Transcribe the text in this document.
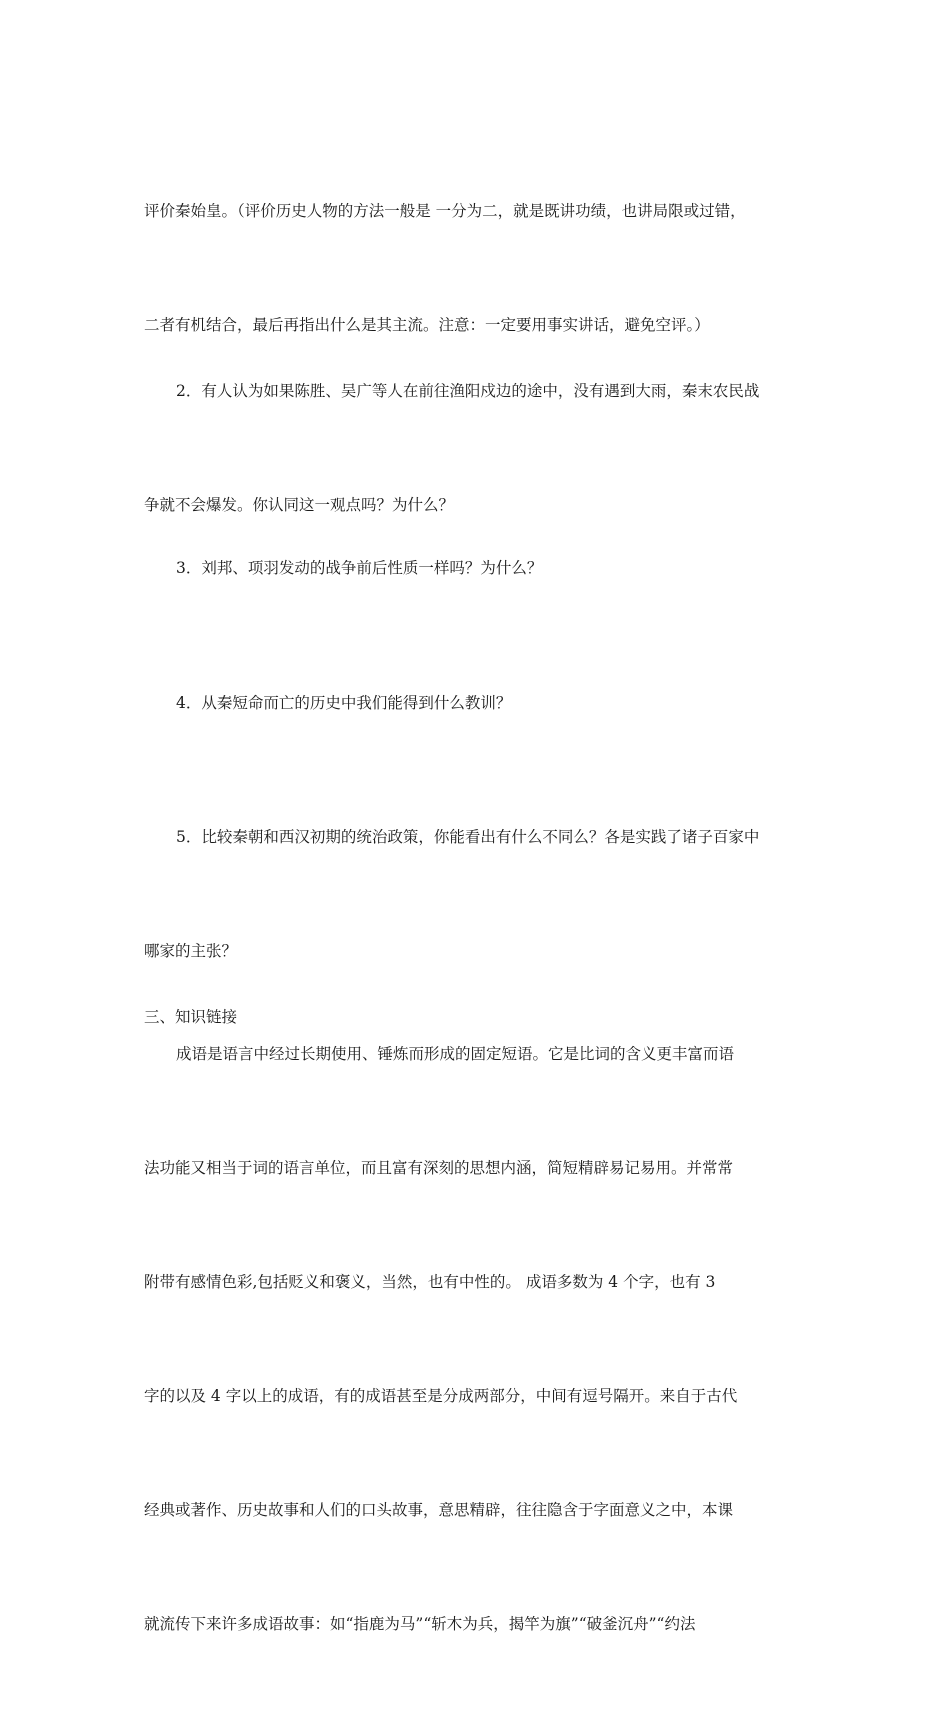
评价秦始皇。（评价历史人物的方法一般是 一分为二，就是既讲功绩，也讲局限或过错，

二者有机结合，最后再指出什么是其主流。注意：一定要用事实讲话，避免空评。）

2．有人认为如果陈胜、吴广等人在前往渔阳戍边的途中，没有遇到大雨，秦末农民战

争就不会爆发。你认同这一观点吗？为什么？

3．刘邦、项羽发动的战争前后性质一样吗？为什么？

4．从秦短命而亡的历史中我们能得到什么教训？

5．比较秦朝和西汉初期的统治政策，你能看出有什么不同么？各是实践了诸子百家中

哪家的主张？

三、知识链接

成语是语言中经过长期使用、锤炼而形成的固定短语。它是比词的含义更丰富而语

法功能又相当于词的语言单位，而且富有深刻的思想内涵，简短精辟易记易用。并常常

附带有感情色彩,包括贬义和褒义，当然，也有中性的。 成语多数为 4 个字，也有 3

字的以及 4 字以上的成语，有的成语甚至是分成两部分，中间有逗号隔开。来自于古代

经典或著作、历史故事和人们的口头故事，意思精辟，往往隐含于字面意义之中，本课

就流传下来许多成语故事：如“指鹿为马”“斩木为兵，揭竿为旗”“破釜沉舟”“约法
